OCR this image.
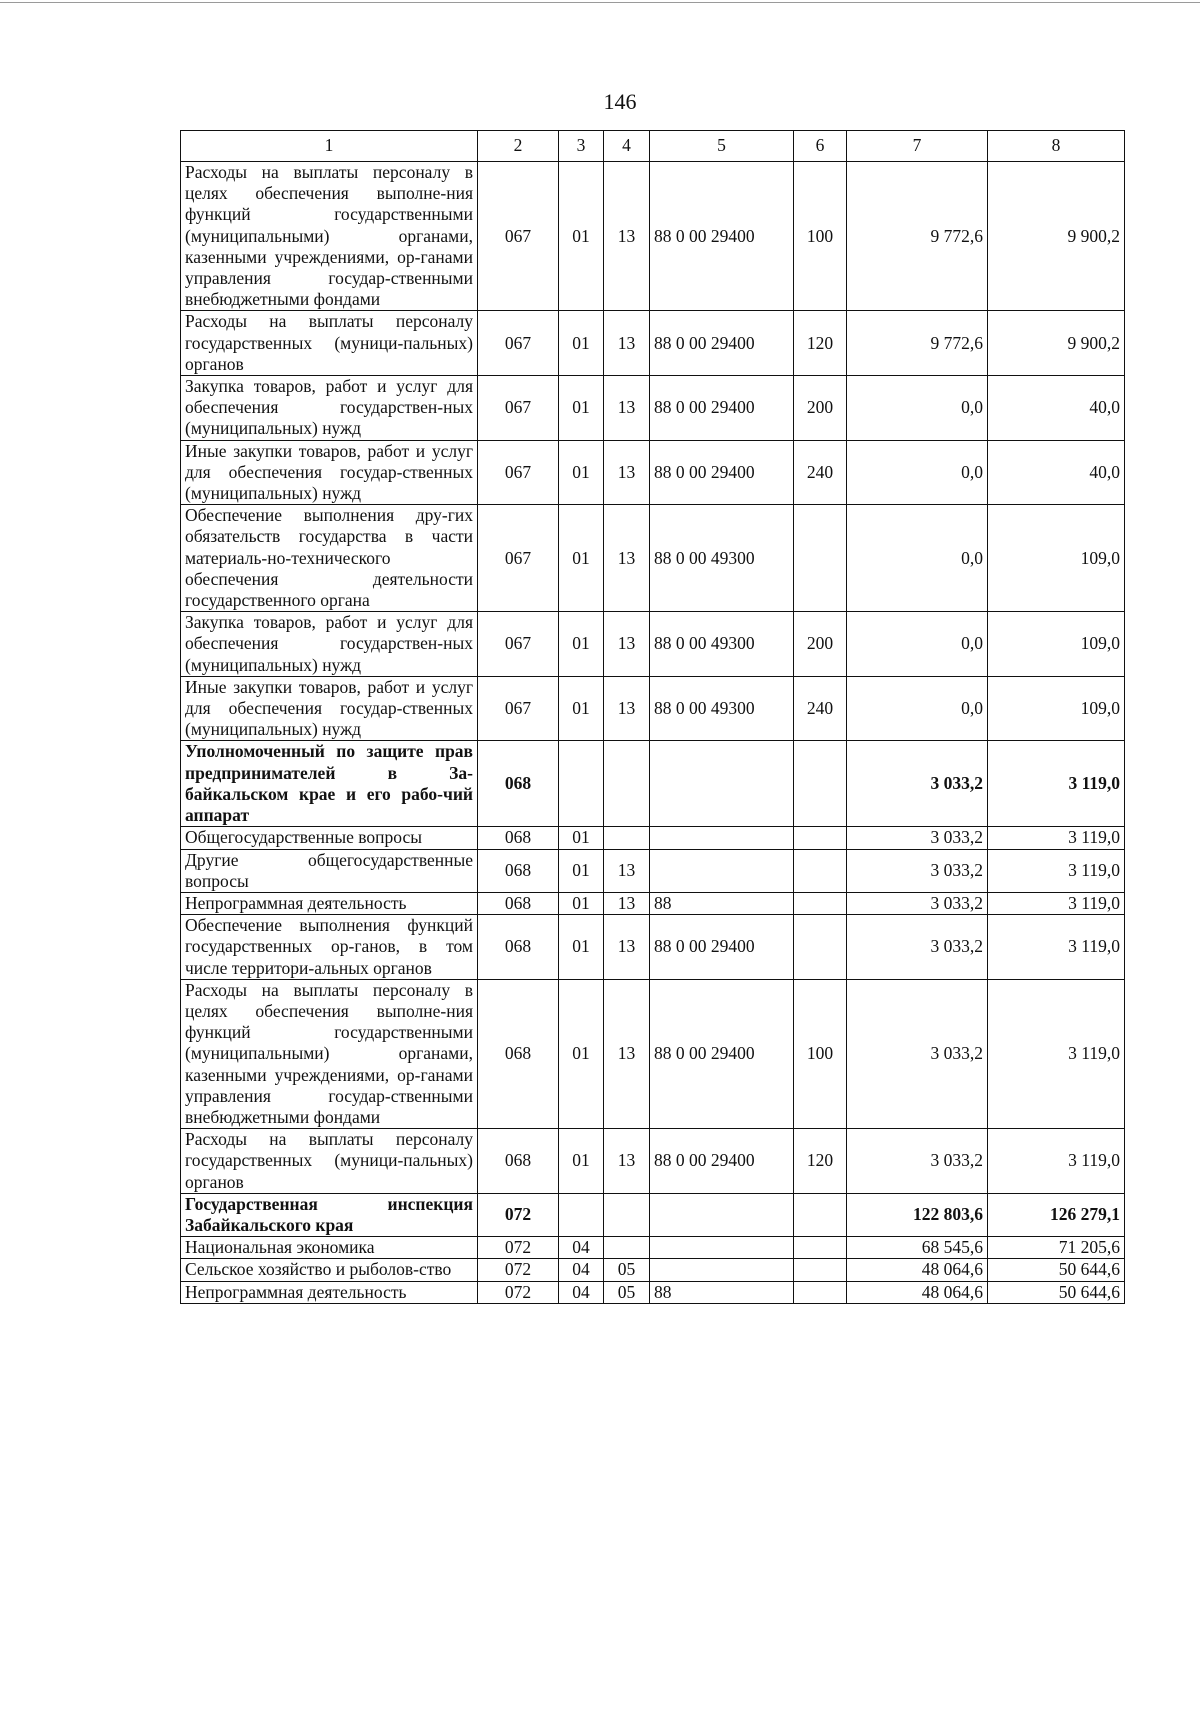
146
1	2	3	4	5	6	7	8
Расходы на выплаты персоналу в целях обеспечения выполне-ния функций государственными (муниципальными) органами, казенными учреждениями, ор-ганами управления государ-ственными внебюджетными фондами	067	01	13	88 0 00 29400	100	9 772,6	9 900,2
Расходы на выплаты персоналу государственных (муници-пальных) органов	067	01	13	88 0 00 29400	120	9 772,6	9 900,2
Закупка товаров, работ и услуг для обеспечения государствен-ных (муниципальных) нужд	067	01	13	88 0 00 29400	200	0,0	40,0
Иные закупки товаров, работ и услуг для обеспечения государ-ственных (муниципальных) нужд	067	01	13	88 0 00 29400	240	0,0	40,0
Обеспечение выполнения дру-гих обязательств государства в части материаль-но-технического обеспечения деятельности государственного органа	067	01	13	88 0 00 49300		0,0	109,0
Закупка товаров, работ и услуг для обеспечения государствен-ных (муниципальных) нужд	067	01	13	88 0 00 49300	200	0,0	109,0
Иные закупки товаров, работ и услуг для обеспечения государ-ственных (муниципальных) нужд	067	01	13	88 0 00 49300	240	0,0	109,0
Уполномоченный по защите прав предпринимателей в За-байкальском крае и его рабо-чий аппарат	068					3 033,2	3 119,0
Общегосударственные вопросы	068	01				3 033,2	3 119,0
Другие общегосударственные вопросы	068	01	13			3 033,2	3 119,0
Непрограммная деятельность	068	01	13	88		3 033,2	3 119,0
Обеспечение выполнения функций государственных ор-ганов, в том числе территори-альных органов	068	01	13	88 0 00 29400		3 033,2	3 119,0
Расходы на выплаты персоналу в целях обеспечения выполне-ния функций государственными (муниципальными) органами, казенными учреждениями, ор-ганами управления государ-ственными внебюджетными фондами	068	01	13	88 0 00 29400	100	3 033,2	3 119,0
Расходы на выплаты персоналу государственных (муници-пальных) органов	068	01	13	88 0 00 29400	120	3 033,2	3 119,0
Государственная инспекция Забайкальского края	072					122 803,6	126 279,1
Национальная экономика	072	04				68 545,6	71 205,6
Сельское хозяйство и рыболов-ство	072	04	05			48 064,6	50 644,6
Непрограммная деятельность	072	04	05	88		48 064,6	50 644,6
